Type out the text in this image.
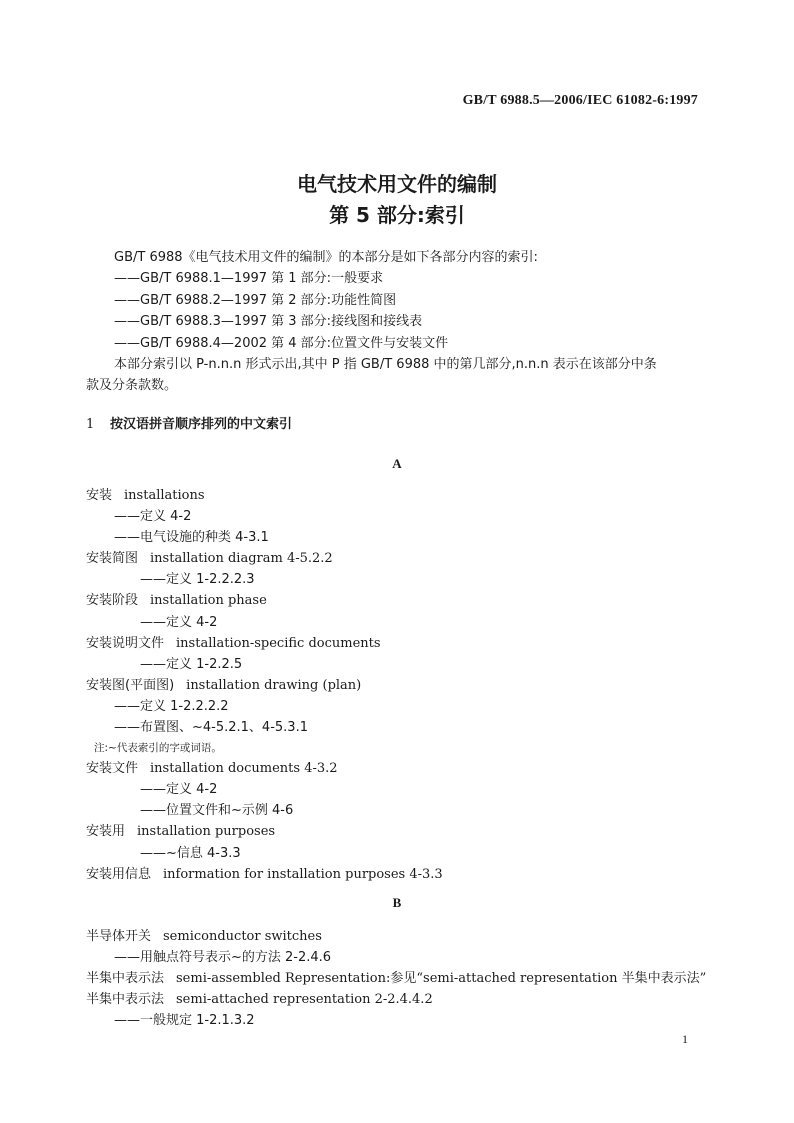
GB/T 6988.5—2006/IEC 61082-6:1997
电气技术用文件的编制
第 5 部分:索引
GB/T 6988《电气技术用文件的编制》的本部分是如下各部分内容的索引:
——GB/T 6988.1—1997 第 1 部分:一般要求
——GB/T 6988.2—1997 第 2 部分:功能性简图
——GB/T 6988.3—1997 第 3 部分:接线图和接线表
——GB/T 6988.4—2002 第 4 部分:位置文件与安装文件
本部分索引以 P-n.n.n 形式示出,其中 P 指 GB/T 6988 中的第几部分,n.n.n 表示在该部分中条
款及分条款数。
1 按汉语拼音顺序排列的中文索引
A
安装 installations
——定义 4-2
——电气设施的种类 4-3.1
安装简图 installation diagram 4-5.2.2
——定义 1-2.2.2.3
安装阶段 installation phase
——定义 4-2
安装说明文件 installation-specific documents
——定义 1-2.2.5
安装图(平面图) installation drawing (plan)
——定义 1-2.2.2.2
——布置图、~4-5.2.1、4-5.3.1
注:~代表索引的字或词语。
安装文件 installation documents 4-3.2
——定义 4-2
——位置文件和~示例 4-6
安装用 installation purposes
——~信息 4-3.3
安装用信息 information for installation purposes 4-3.3
B
半导体开关 semiconductor switches
——用触点符号表示~的方法 2-2.4.6
半集中表示法 semi-assembled Representation:参见“semi-attached representation 半集中表示法”
半集中表示法 semi-attached representation 2-2.4.4.2
——一般规定 1-2.1.3.2
1
